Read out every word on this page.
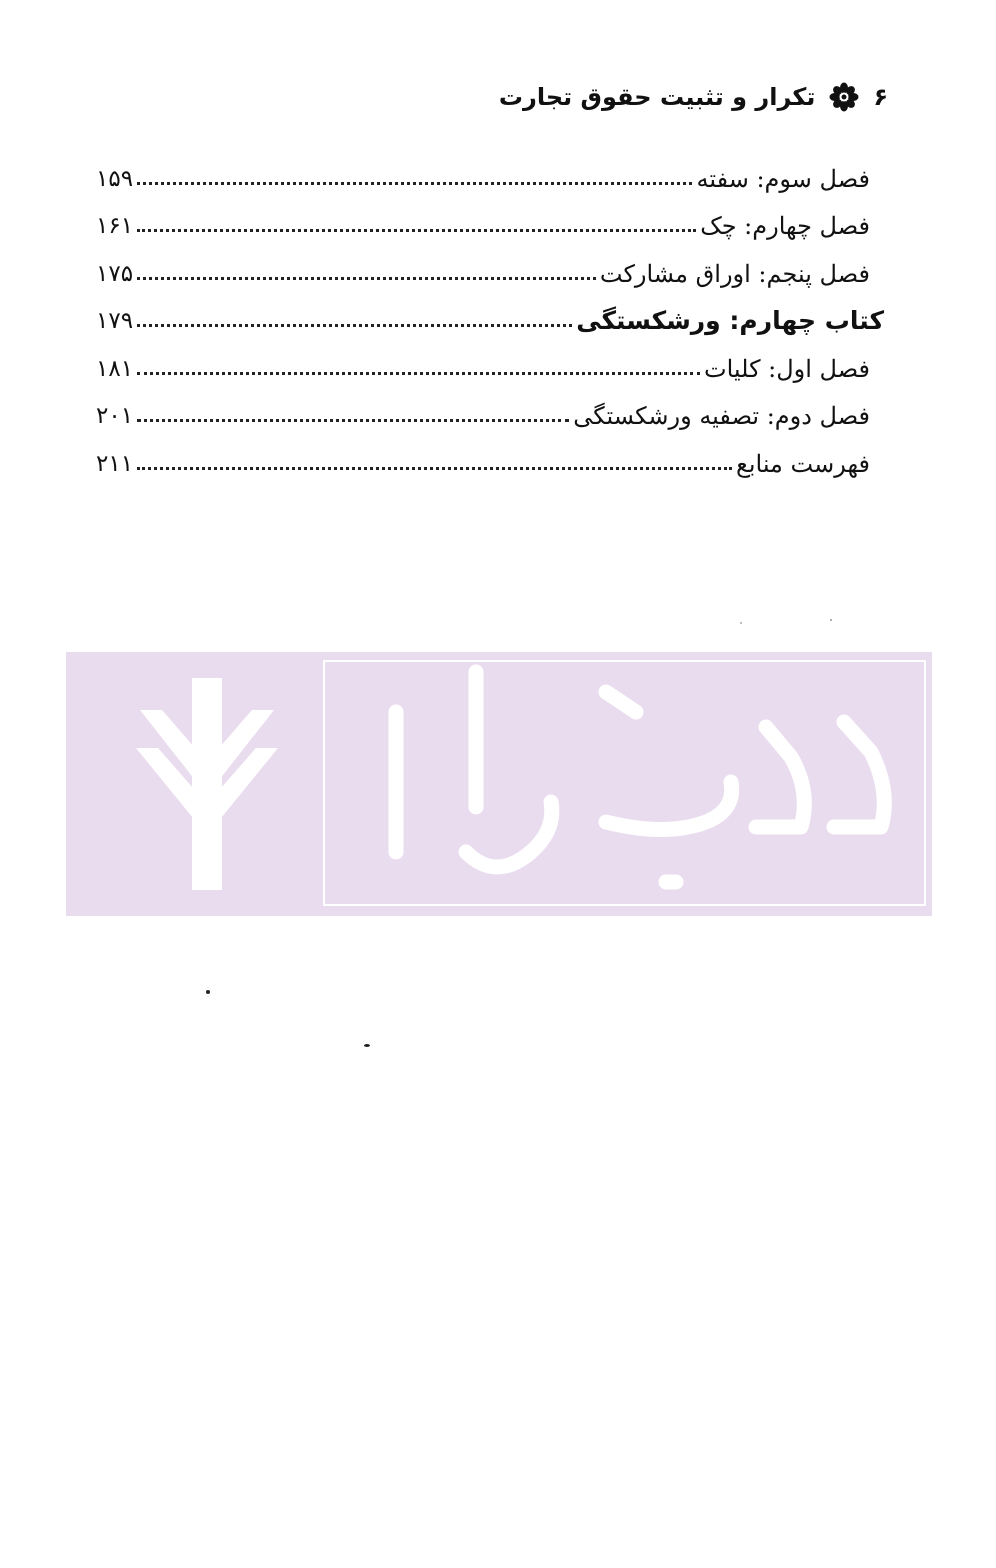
۶
تکرار و تثبیت حقوق تجارت
فصل سوم: سفته
۱۵۹
فصل چهارم: چک
۱۶۱
فصل پنجم: اوراق مشارکت
۱۷۵
کتاب چهارم: ورشکستگی
۱۷۹
فصل اول: کلیات
۱۸۱
فصل دوم: تصفیه ورشکستگی
۲۰۱
فهرست منابع
۲۱۱
